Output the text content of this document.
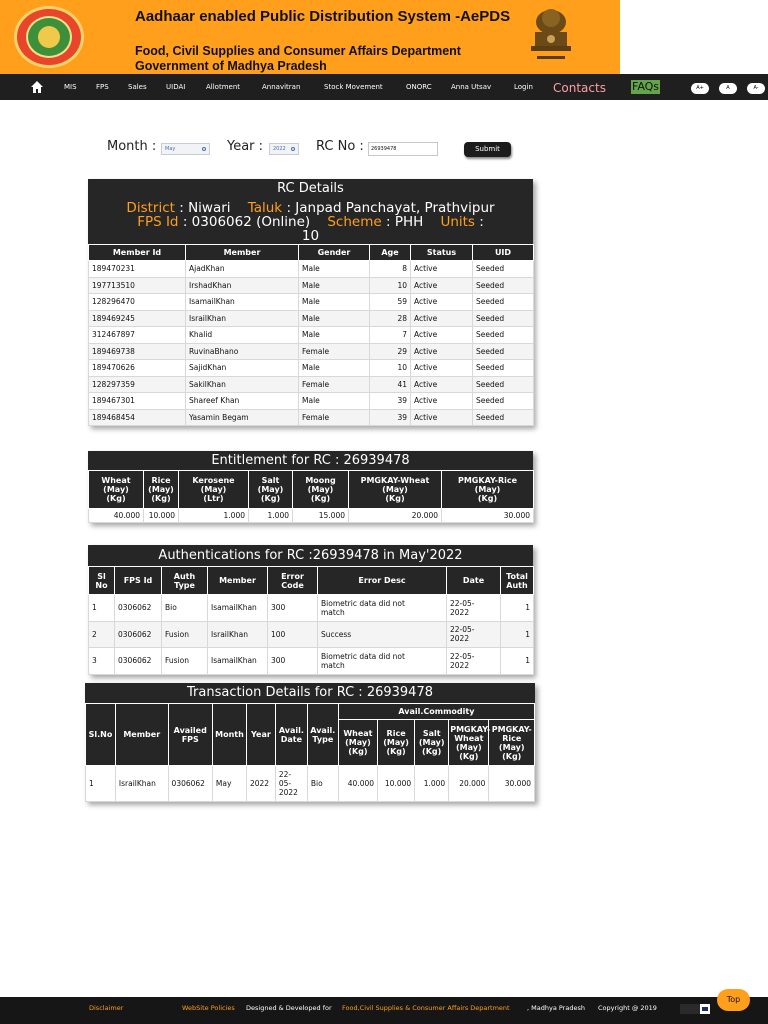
Aadhaar enabled Public Distribution System -AePDS
Food, Civil Supplies and Consumer Affairs Department
Government of Madhya Pradesh
MIS	FPS	Sales	UIDAI	Allotment	Annavitran	Stock Movement	ONORC	Anna Utsav	Login Contacts FAQs	A+	A	A-
Month :	May	Year :	2022	RC No :	26939478	Submit
RC Details
District : Niwari Taluk : Janpad Panchayat, Prathvipur
FPS Id : 0306062 (Online) Scheme : PHH Units :
10
Member Id	Member	Gender	Age	Status	UID
189470231	AjadKhan	Male	8	Active	Seeded
197713510	IrshadKhan	Male	10	Active	Seeded
128296470	IsamailKhan	Male	59	Active	Seeded
189469245	IsrailKhan	Male	28	Active	Seeded
312467897	Khalid	Male	7	Active	Seeded
189469738	RuvinaBhano	Female	29	Active	Seeded
189470626	SajidKhan	Male	10	Active	Seeded
128297359	SakilKhan	Female	41	Active	Seeded
189467301	Shareef Khan	Male	39	Active	Seeded
189468454	Yasamin Begam	Female	39	Active	Seeded
Entitlement for RC : 26939478
Wheat
(May)
(Kg)	Rice
(May)
(Kg)	Kerosene
(May)
(Ltr)	Salt
(May)
(Kg)	Moong
(May)
(Kg)	PMGKAY-Wheat
(May)
(Kg)	PMGKAY-Rice
(May)
(Kg)
40.000	10.000	1.000	1.000	15.000	20.000	30.000
Authentications for RC :26939478 in May'2022
Sl
No	FPS Id	Auth
Type	Member	Error
Code	Error Desc	Date	Total
Auth
1	0306062	Bio	IsamailKhan	300	Biometric data did not
match	22-05-
2022	1
2	0306062	Fusion	IsrailKhan	100	Success	22-05-
2022	1
3	0306062	Fusion	IsamailKhan	300	Biometric data did not
match	22-05-
2022	1
Transaction Details for RC : 26939478
Sl.No	Member	Availed
FPS	Month	Year	Avail.
Date	Avail.
Type	Avail.Commodity				
							Wheat
(May)
(Kg)	Rice
(May)
(Kg)	Salt
(May)
(Kg)	PMGKAY-
Wheat
(May)
(Kg)	PMGKAY-
Rice
(May)
(Kg)
1	IsrailKhan	0306062	May	2022	22-
05-
2022	Bio	40.000	10.000	1.000	20.000	30.000
Disclaimer	WebSite Policies Designed & Developed for Food,Civil Supplies & Consumer Affairs Department	, Madhya Pradesh Copyright @ 2019
Top
